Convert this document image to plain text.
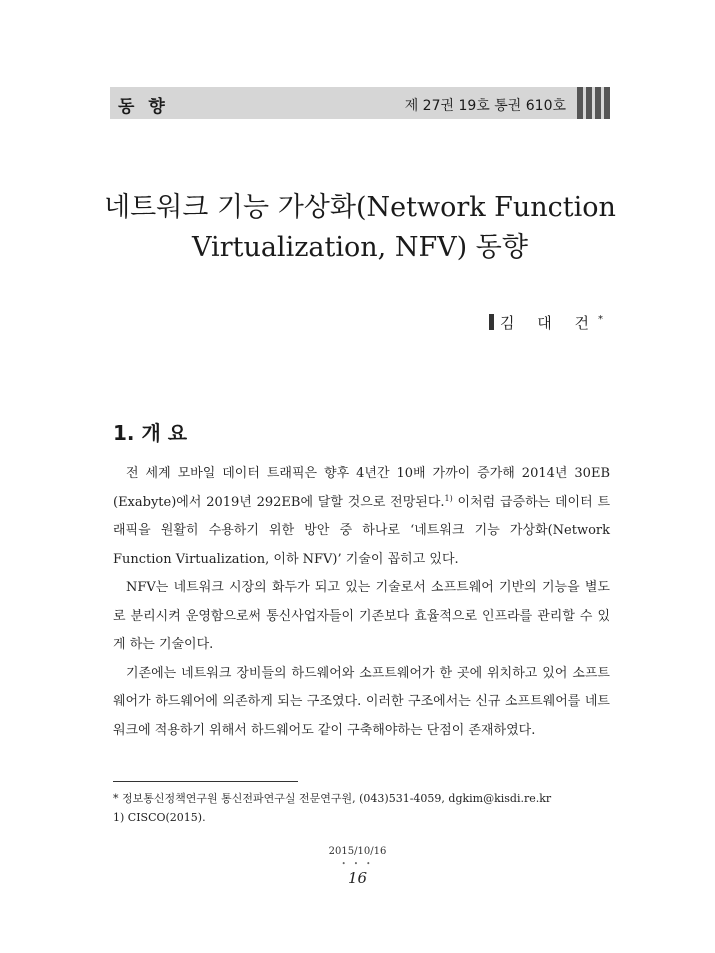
동 향	제 27권 19호 통권 610호
네트워크 기능 가상화(Network Function
Virtualization, NFV) 동향
김 대 건*
1. 개 요

전 세계 모바일 데이터 트래픽은 향후 4년간 10배 가까이 증가해 2014년 30EB (Exabyte)에서 2019년 292EB에 달할 것으로 전망된다.$^{1)}$ 이처럼 급증하는 데이터 트래픽을 원활히 수용하기 위한 방안 중 하나로 ‘네트워크 기능 가상화(Network Function Virtualization, 이하 NFV)’ 기술이 꼽히고 있다.

NFV는 네트워크 시장의 화두가 되고 있는 기술로서 소프트웨어 기반의 기능을 별도로 분리시켜 운영함으로써 통신사업자들이 기존보다 효율적으로 인프라를 관리할 수 있게 하는 기술이다.

기존에는 네트워크 장비들의 하드웨어와 소프트웨어가 한 곳에 위치하고 있어 소프트웨어가 하드웨어에 의존하게 되는 구조였다. 이러한 구조에서는 신규 소프트웨어를 네트워크에 적용하기 위해서 하드웨어도 같이 구축해야하는 단점이 존재하였다.

* 정보통신정책연구원 통신전파연구실 전문연구원, (043)531-4059, dgkim@kisdi.re.kr
1) CISCO(2015).
2015/10/16
• • •
16
